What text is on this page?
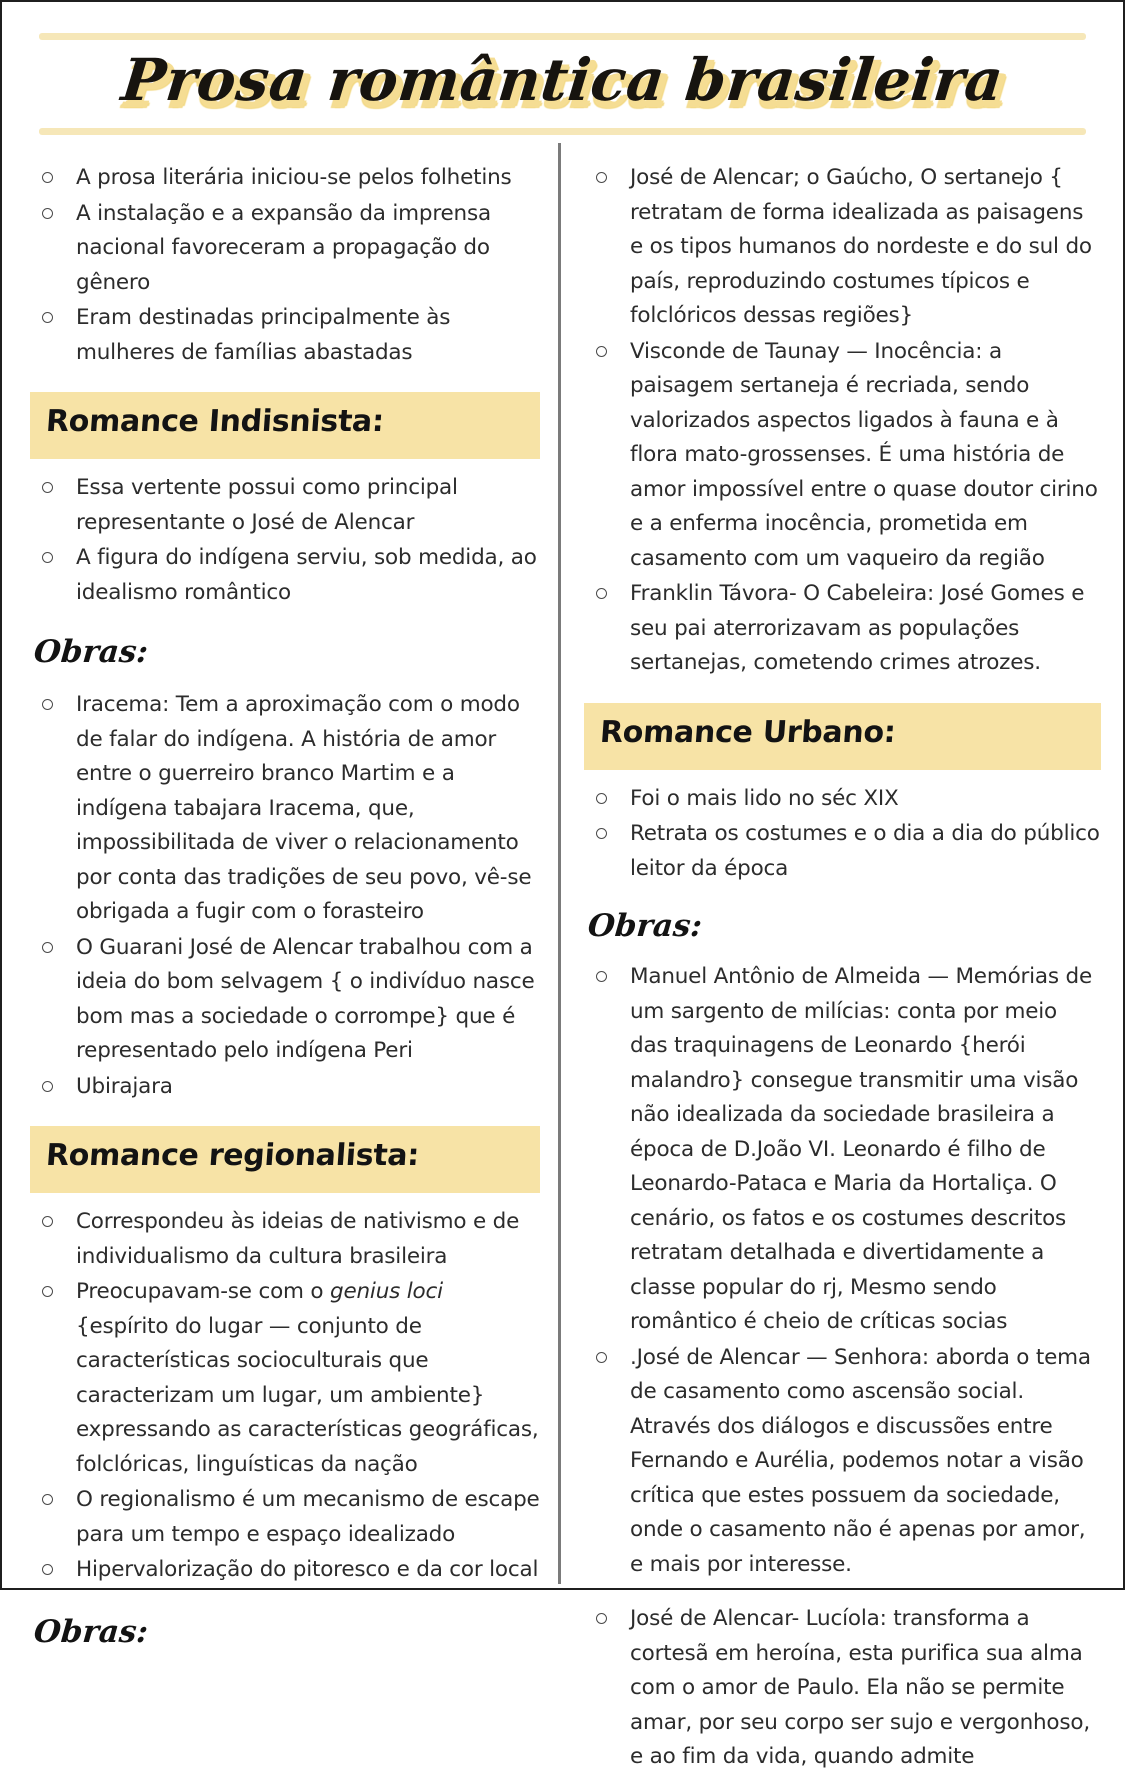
Prosa romântica brasileira
A prosa literária iniciou-se pelos folhetins
A instalação e a expansão da imprensa nacional favoreceram a propagação do gênero
Eram destinadas principalmente às mulheres de famílias abastadas
Romance Indisnista:
Essa vertente possui como principal representante o José de Alencar
A figura do indígena serviu, sob medida, ao idealismo romântico
Obras:
Iracema: Tem a aproximação com o modo de falar do indígena. A história de amor entre o guerreiro branco Martim e a indígena tabajara Iracema, que, impossibilitada de viver o relacionamento por conta das tradições de seu povo, vê-se obrigada a fugir com o forasteiro
O Guarani José de Alencar trabalhou com a ideia do bom selvagem { o indivíduo nasce bom mas a sociedade o corrompe} que é representado pelo indígena Peri
Ubirajara
Romance regionalista:
Correspondeu às ideias de nativismo e de individualismo da cultura brasileira
Preocupavam-se com o genius loci {espírito do lugar — conjunto de características socioculturais que caracterizam um lugar, um ambiente} expressando as características geográficas, folclóricas, linguísticas da nação
O regionalismo é um mecanismo de escape para um tempo e espaço idealizado
Hipervalorização do pitoresco e da cor local
Obras:
José de Alencar; o Gaúcho, O sertanejo { retratam de forma idealizada as paisagens e os tipos humanos do nordeste e do sul do país, reproduzindo costumes típicos e folclóricos dessas regiões}
Visconde de Taunay — Inocência: a paisagem sertaneja é recriada, sendo valorizados aspectos ligados à fauna e à flora mato-grossenses. É uma história de amor impossível entre o quase doutor cirino e a enferma inocência, prometida em casamento com um vaqueiro da região
Franklin Távora- O Cabeleira: José Gomes e seu pai aterrorizavam as populações sertanejas, cometendo crimes atrozes.
Romance Urbano:
Foi o mais lido no séc XIX
Retrata os costumes e o dia a dia do público leitor da época
Obras:
Manuel Antônio de Almeida — Memórias de um sargento de milícias: conta por meio das traquinagens de Leonardo {herói malandro} consegue transmitir uma visão não idealizada da sociedade brasileira a época de D.João VI. Leonardo é filho de Leonardo-Pataca e Maria da Hortaliça. O cenário, os fatos e os costumes descritos retratam detalhada e divertidamente a classe popular do rj, Mesmo sendo romântico é cheio de críticas socias
.José de Alencar — Senhora: aborda o tema de casamento como ascensão social. Através dos diálogos e discussões entre Fernando e Aurélia, podemos notar a visão crítica que estes possuem da sociedade, onde o casamento não é apenas por amor, e mais por interesse.
José de Alencar- Lucíola: transforma a cortesã em heroína, esta purifica sua alma com o amor de Paulo. Ela não se permite amar, por seu corpo ser sujo e vergonhoso, e ao fim da vida, quando admite
